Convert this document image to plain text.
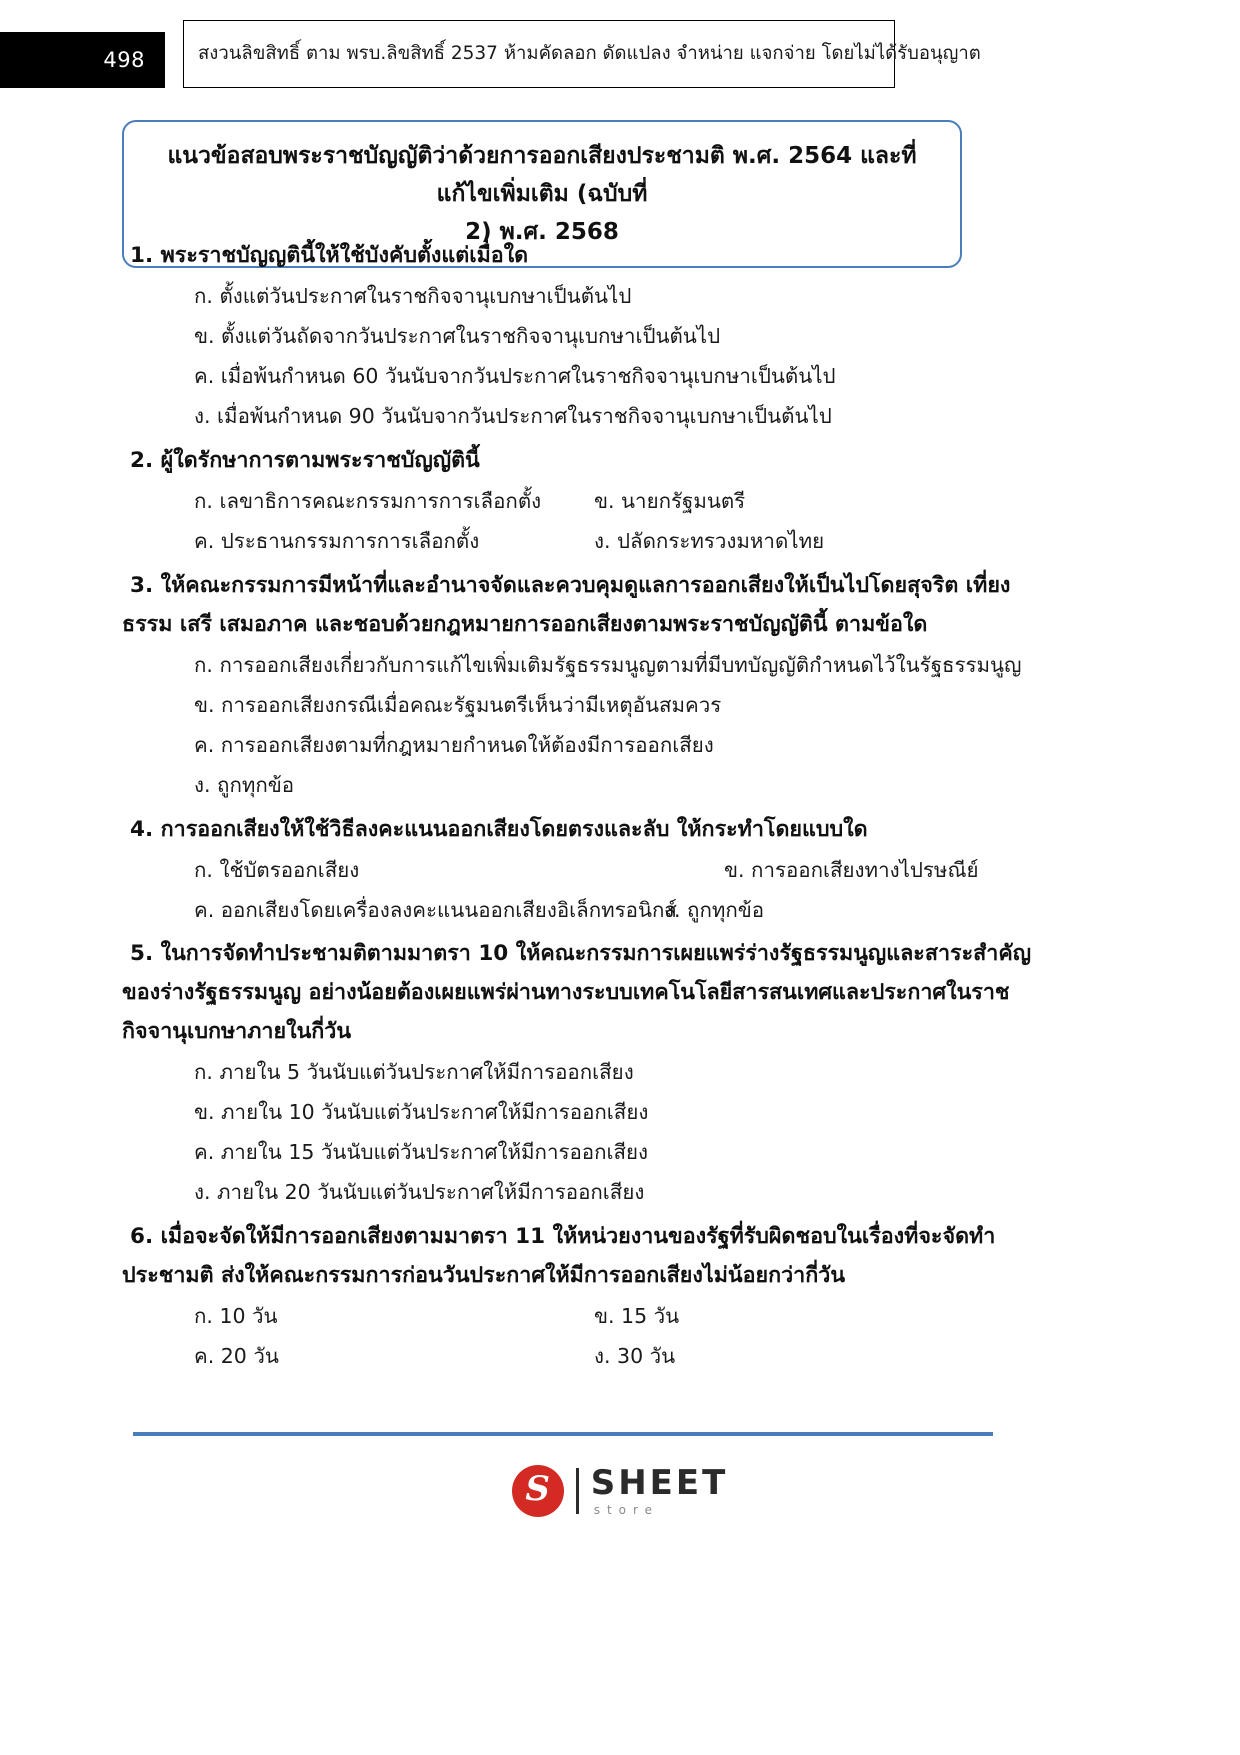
498	สงวนลิขสิทธิ์ ตาม พรบ.ลิขสิทธิ์ 2537 ห้ามคัดลอก ดัดแปลง จำหน่าย แจกจ่าย โดยไม่ได้รับอนุญาต
แนวข้อสอบพระราชบัญญัติว่าด้วยการออกเสียงประชามติ พ.ศ. 2564 และที่แก้ไขเพิ่มเติม (ฉบับที่
2) พ.ศ. 2568

1. พระราชบัญญตินี้ให้ใช้บังคับตั้งแต่เมื่อใด

ก. ตั้งแต่วันประกาศในราชกิจจานุเบกษาเป็นต้นไป
ข. ตั้งแต่วันถัดจากวันประกาศในราชกิจจานุเบกษาเป็นต้นไป
ค. เมื่อพ้นกำหนด 60 วันนับจากวันประกาศในราชกิจจานุเบกษาเป็นต้นไป
ง. เมื่อพ้นกำหนด 90 วันนับจากวันประกาศในราชกิจจานุเบกษาเป็นต้นไป

2. ผู้ใดรักษาการตามพระราชบัญญัตินี้

ก. เลขาธิการคณะกรรมการการเลือกตั้ง	ข. นายกรัฐมนตรี
ค. ประธานกรรมการการเลือกตั้ง	ง. ปลัดกระทรวงมหาดไทย

3. ให้คณะกรรมการมีหน้าที่และอำนาจจัดและควบคุมดูแลการออกเสียงให้เป็นไปโดยสุจริต เที่ยง

ธรรม เสรี เสมอภาค และชอบด้วยกฎหมายการออกเสียงตามพระราชบัญญัตินี้ ตามข้อใด

ก. การออกเสียงเกี่ยวกับการแก้ไขเพิ่มเติมรัฐธรรมนูญตามที่มีบทบัญญัติกำหนดไว้ในรัฐธรรมนูญ
ข. การออกเสียงกรณีเมื่อคณะรัฐมนตรีเห็นว่ามีเหตุอันสมควร
ค. การออกเสียงตามที่กฎหมายกำหนดให้ต้องมีการออกเสียง
ง. ถูกทุกข้อ

4. การออกเสียงให้ใช้วิธีลงคะแนนออกเสียงโดยตรงและลับ ให้กระทำโดยแบบใด

ก. ใช้บัตรออกเสียง	ข. การออกเสียงทางไปรษณีย์
ค. ออกเสียงโดยเครื่องลงคะแนนออกเสียงอิเล็กทรอนิกส์
ง. ถูกทุกข้อ

5. ในการจัดทำประชามติตามมาตรา 10 ให้คณะกรรมการเผยแพร่ร่างรัฐธรรมนูญและสาระสำคัญ

ของร่างรัฐธรรมนูญ อย่างน้อยต้องเผยแพร่ผ่านทางระบบเทคโนโลยีสารสนเทศและประกาศในราช

กิจจานุเบกษาภายในกี่วัน

ก. ภายใน 5 วันนับแต่วันประกาศให้มีการออกเสียง
ข. ภายใน 10 วันนับแต่วันประกาศให้มีการออกเสียง
ค. ภายใน 15 วันนับแต่วันประกาศให้มีการออกเสียง
ง. ภายใน 20 วันนับแต่วันประกาศให้มีการออกเสียง

6. เมื่อจะจัดให้มีการออกเสียงตามมาตรา 11 ให้หน่วยงานของรัฐที่รับผิดชอบในเรื่องที่จะจัดทำ

ประชามติ ส่งให้คณะกรรมการก่อนวันประกาศให้มีการออกเสียงไม่น้อยกว่ากี่วัน

ก. 10 วัน	ข. 15 วัน
ค. 20 วัน	ง. 30 วัน
S SHEET
store
